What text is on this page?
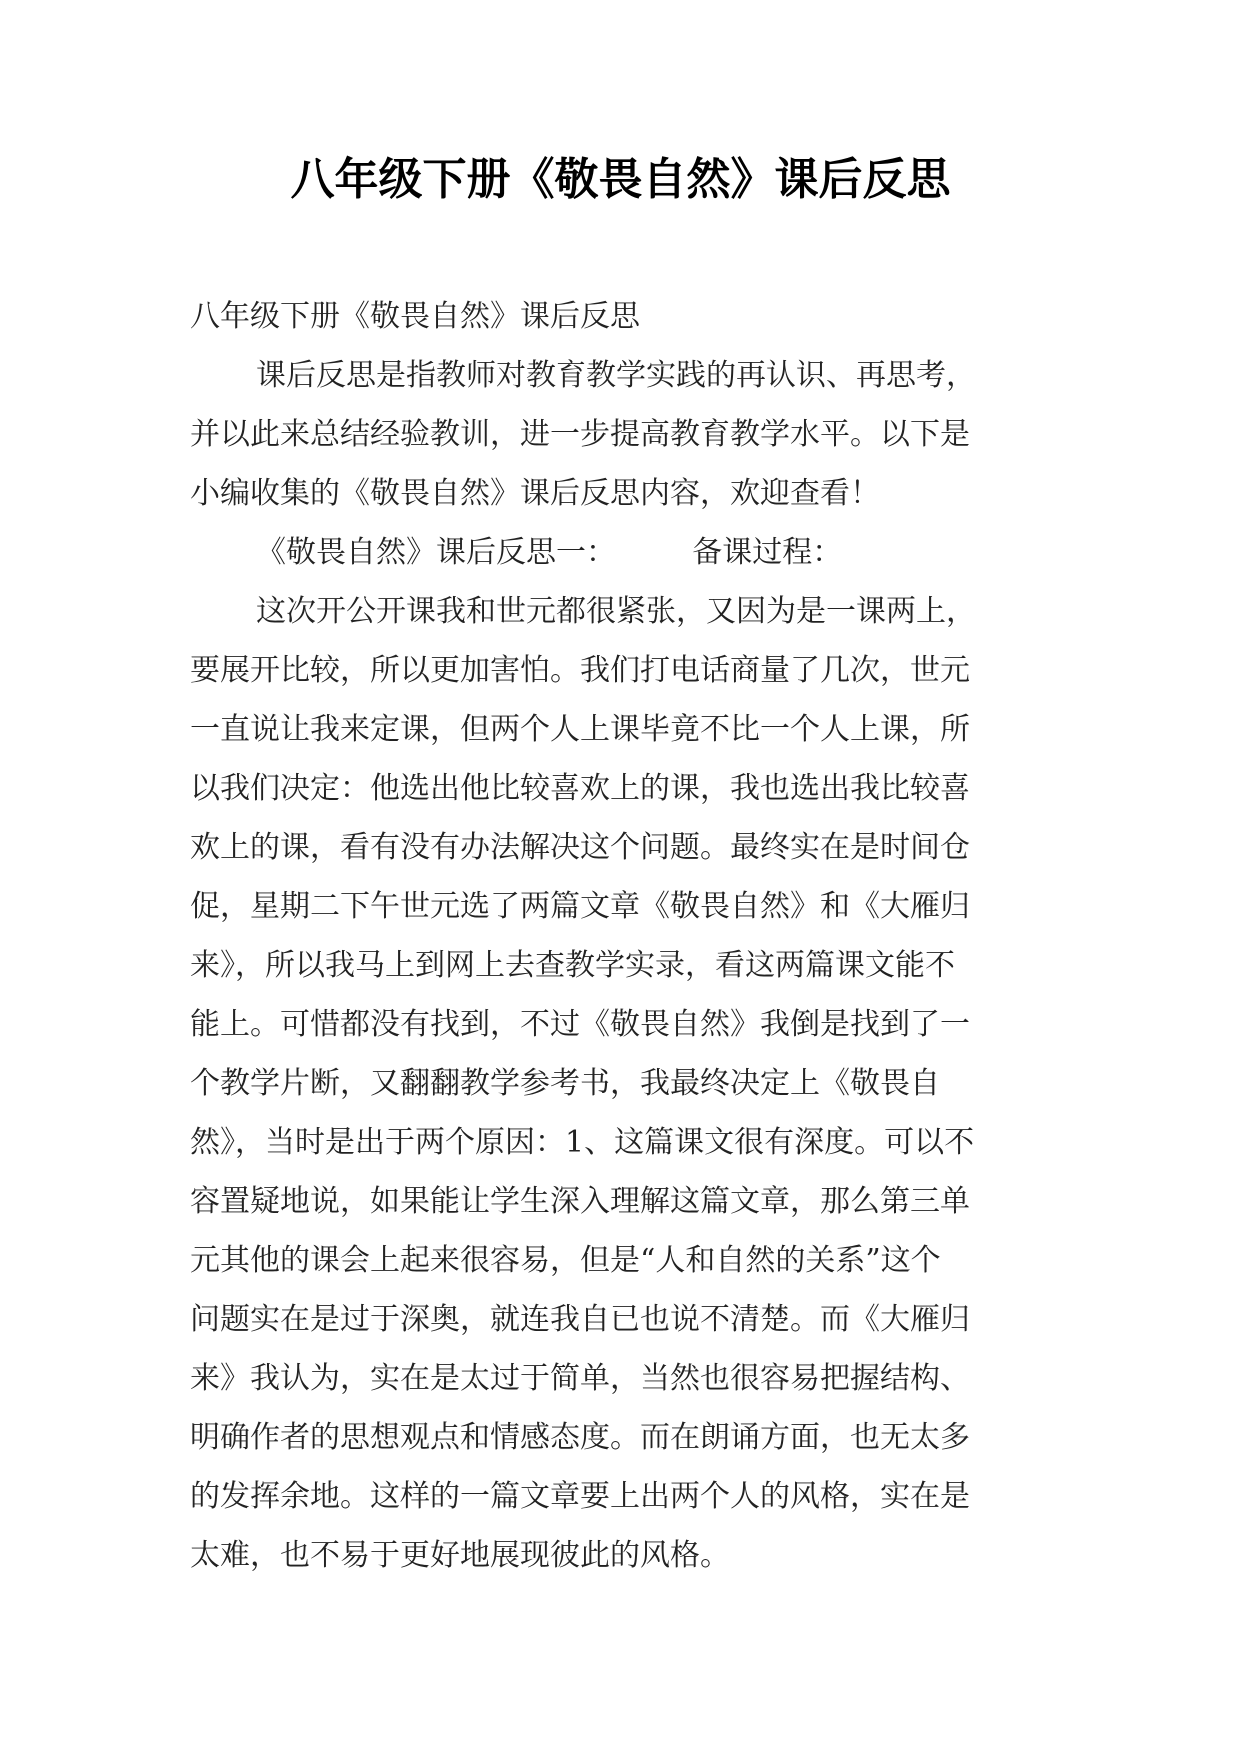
八年级下册《敬畏自然》课后反思

八年级下册《敬畏自然》课后反思

课后反思是指教师对教育教学实践的再认识、再思考，

并以此来总结经验教训，进一步提高教育教学水平。以下是

小编收集的《敬畏自然》课后反思内容，欢迎查看！

《敬畏自然》课后反思一：        备课过程：

这次开公开课我和世元都很紧张，又因为是一课两上，

要展开比较，所以更加害怕。我们打电话商量了几次，世元

一直说让我来定课，但两个人上课毕竟不比一个人上课，所

以我们决定：他选出他比较喜欢上的课，我也选出我比较喜

欢上的课，看有没有办法解决这个问题。最终实在是时间仓

促，星期二下午世元选了两篇文章《敬畏自然》和《大雁归

来》，所以我马上到网上去查教学实录，看这两篇课文能不

能上。可惜都没有找到，不过《敬畏自然》我倒是找到了一

个教学片断，又翻翻教学参考书，我最终决定上《敬畏自

然》，当时是出于两个原因：1、这篇课文很有深度。可以不

容置疑地说，如果能让学生深入理解这篇文章，那么第三单

元其他的课会上起来很容易，但是“人和自然的关系”这个

问题实在是过于深奥，就连我自已也说不清楚。而《大雁归

来》我认为，实在是太过于简单，当然也很容易把握结构、

明确作者的思想观点和情感态度。而在朗诵方面，也无太多

的发挥余地。这样的一篇文章要上出两个人的风格，实在是

太难，也不易于更好地展现彼此的风格。
